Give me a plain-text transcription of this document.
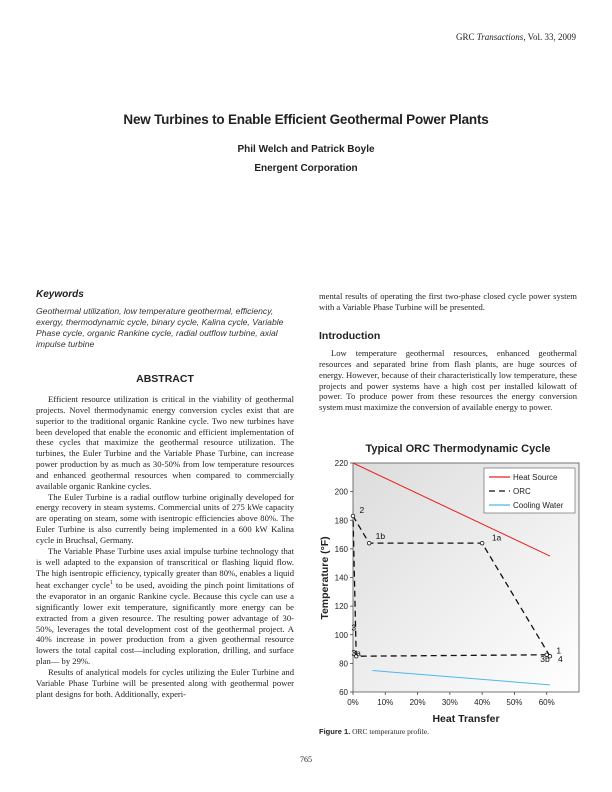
GRC Transactions, Vol. 33, 2009
New Turbines to Enable Efficient Geothermal Power Plants
Phil Welch and Patrick Boyle
Energent Corporation
Keywords
Geothermal utilization, low temperature geothermal, efficiency, exergy, thermodynamic cycle, binary cycle, Kalina cycle, Variable Phase cycle, organic Rankine cycle, radial outflow turbine, axial impulse turbine
ABSTRACT

Efficient resource utilization is critical in the viability of geothermal projects. Novel thermodynamic energy conversion cycles exist that are superior to the traditional organic Rankine cycle. Two new turbines have been developed that enable the economic and efficient implementation of these cycles that maximize the geothermal resource utilization. The turbines, the Euler Turbine and the Variable Phase Turbine, can increase power production by as much as 30-50% from low temperature resources and enhanced geothermal resources when compared to commercially available organic Rankine cycles.

The Euler Turbine is a radial outflow turbine originally developed for energy recovery in steam systems. Commercial units of 275 kWe capacity are operating on steam, some with isentropic efficiencies above 80%. The Euler Turbine is also currently being implemented in a 600 kW Kalina cycle in Bruchsal, Germany.

The Variable Phase Turbine uses axial impulse turbine technology that is well adapted to the expansion of transcritical or flashing liquid flow. The high isentropic efficiency, typically greater than 80%, enables a liquid heat exchanger cycle$^1$ to be used, avoiding the pinch point limitations of the evaporator in an organic Rankine cycle. Because this cycle can use a significantly lower exit temperature, significantly more energy can be extracted from a given resource. The resulting power advantage of 30-50%, leverages the total development cost of the geothermal project. A 40% increase in power production from a given geothermal resource lowers the total capital cost—including exploration, drilling, and surface plan— by 29%.

Results of analytical models for cycles utilizing the Euler Turbine and Variable Phase Turbine will be presented along with geothermal power plant designs for both. Additionally, experi-

mental results of operating the first two-phase closed cycle power system with a Variable Phase Turbine will be presented.

Introduction

Low temperature geothermal resources, enhanced geothermal resources and separated brine from flash plants, are huge sources of energy. However, because of their characteristically low temperature, these projects and power systems have a high cost per installed kilowatt of power. To produce power from these resources the energy conversion system must maximize the conversion of available energy to power.

Typical ORC Thermodynamic Cycle
60
80
100
120
140
160
180
200
220
0% 10% 20% 30% 40% 50% 60%
2
1b	1a
3
3a	1
3b 4
Heat Source
ORC
Cooling Water
Heat Transfer
Temperature (°F)
Figure 1. ORC temperature profile.
765
